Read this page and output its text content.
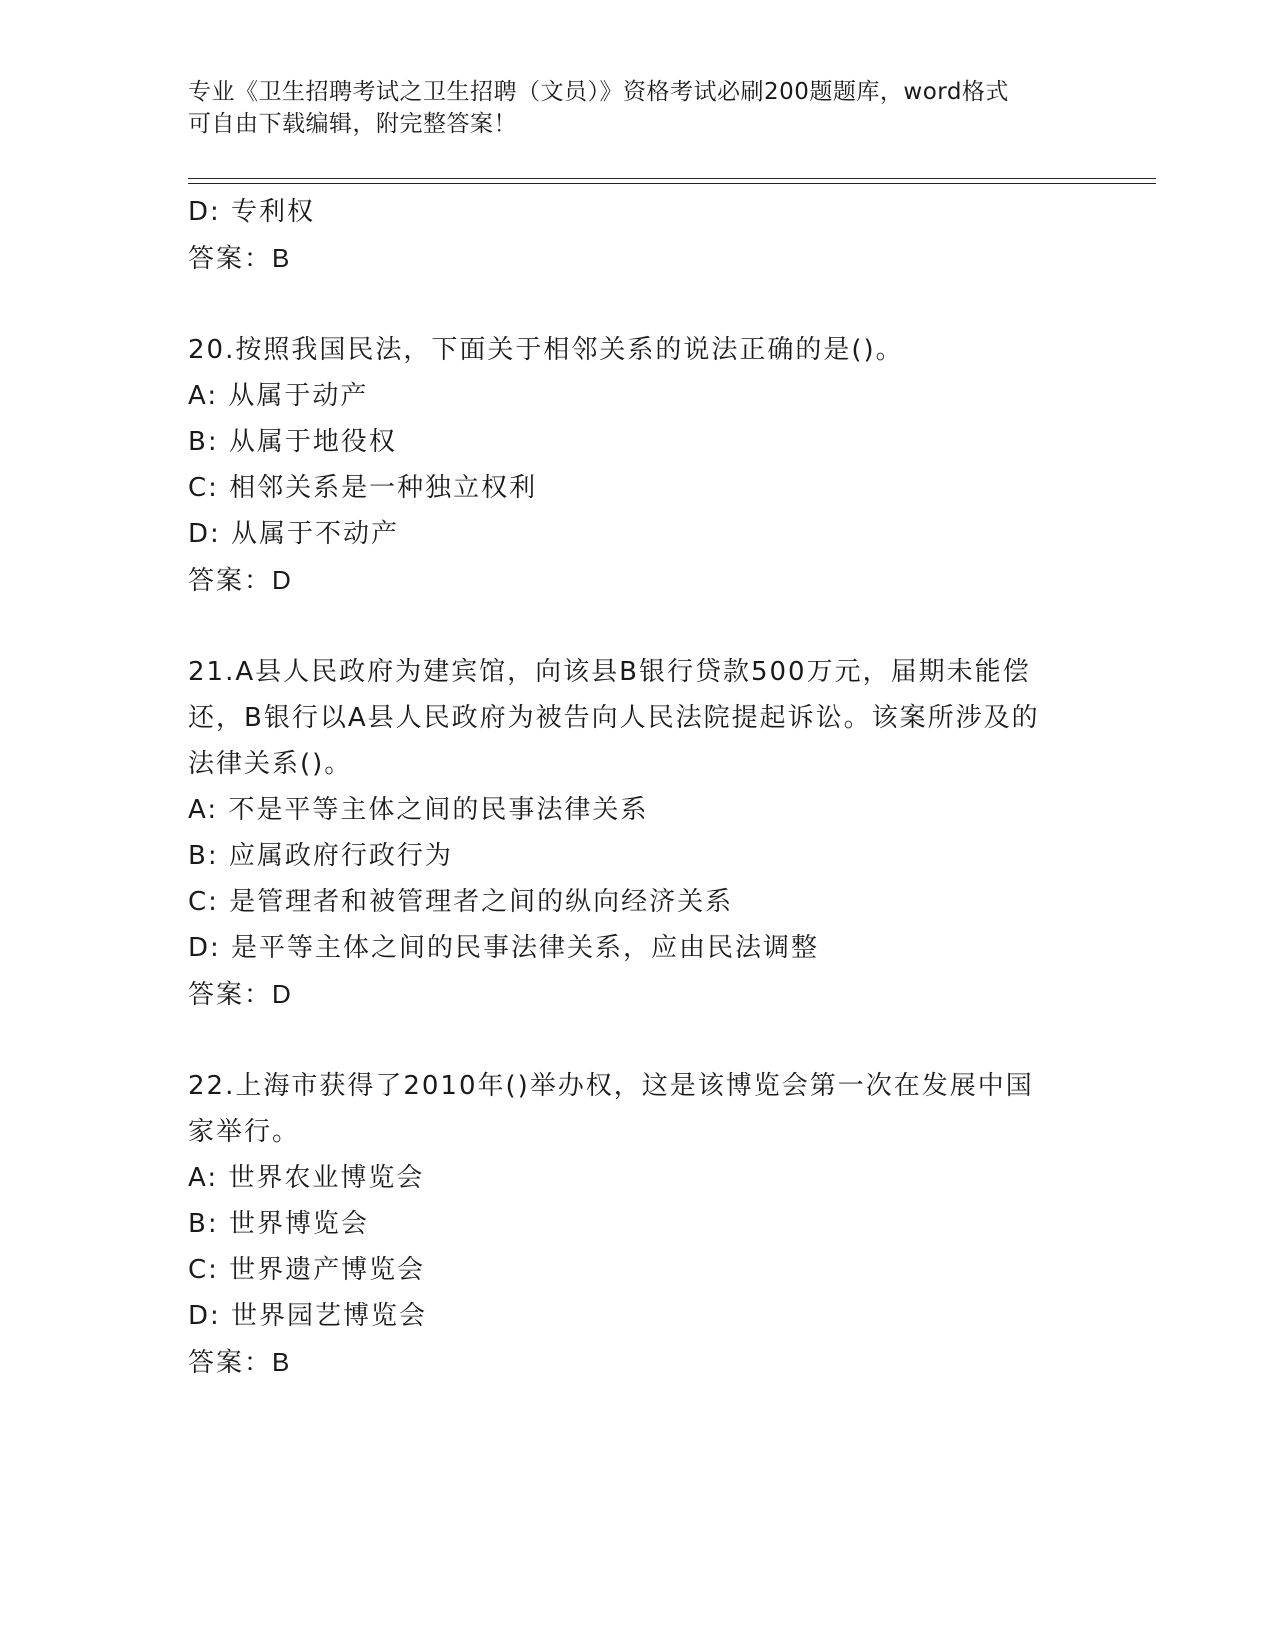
专业《卫生招聘考试之卫生招聘（文员）》资格考试必刷200题题库，word格式
可自由下载编辑，附完整答案！
D: 专利权
答案：B
20.按照我国民法，下面关于相邻关系的说法正确的是()。
A: 从属于动产
B: 从属于地役权
C: 相邻关系是一种独立权利
D: 从属于不动产
答案：D
21.A县人民政府为建宾馆，向该县B银行贷款500万元，届期未能偿
还，B银行以A县人民政府为被告向人民法院提起诉讼。该案所涉及的
法律关系()。
A: 不是平等主体之间的民事法律关系
B: 应属政府行政行为
C: 是管理者和被管理者之间的纵向经济关系
D: 是平等主体之间的民事法律关系，应由民法调整
答案：D
22.上海市获得了2010年()举办权，这是该博览会第一次在发展中国
家举行。
A: 世界农业博览会
B: 世界博览会
C: 世界遗产博览会
D: 世界园艺博览会
答案：B
